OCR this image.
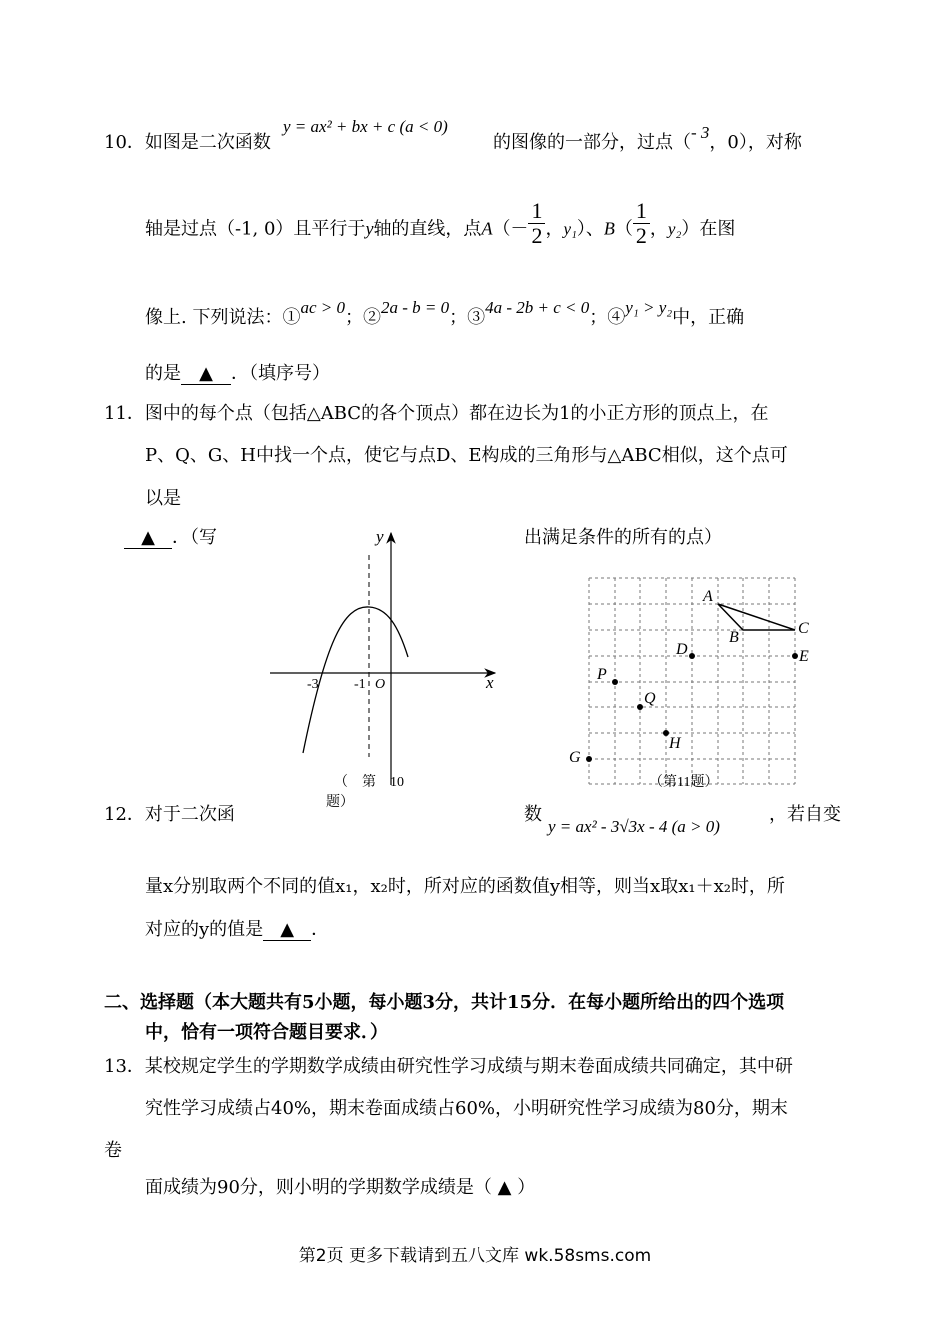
10．如图是二次函数
y = ax² + bx + c (a < 0)
的图像的一部分，过点（- 3，0），对称
轴是过点（-1, 0）且平行于y轴的直线，点$A(- \frac{1}{2}$ ，y₁）、$B( \frac{1}{2}$ ，y₂）在图
像上. 下列说法：①ac > 0；②2a - b = 0；③4a - 2b + c < 0；④y₁ > y₂中，正确
的是 ▲ ．（填序号）
11．图中的每个点（包括△ABC的各个顶点）都在边长为1的小正方形的顶点上，在
P、Q、G、H中找一个点，使它与点D、E构成的三角形与△ABC相似，这个点可
以是
▲ ．（写	出满足条件的所有的点）
y
x
-3	-1 O
（　第　10
题）
A
B
C
D	E
P
Q
H
G
（第11题）
12．对于二次函	数
y = ax² - 3√3x - 4 (a > 0)
，若自变
量x分别取两个不同的值x₁，x₂时，所对应的函数值y相等，则当x取x₁＋x₂时，所
对应的y的值是 ▲ ．
二、选择题（本大题共有5小题，每小题3分，共计15分．在每小题所给出的四个选项
中，恰有一项符合题目要求．）
13．某校规定学生的学期数学成绩由研究性学习成绩与期末卷面成绩共同确定，其中研
究性学习成绩占40%，期末卷面成绩占60%，小明研究性学习成绩为80分，期末
卷
面成绩为90分，则小明的学期数学成绩是（ ▲ ）
第2页 更多下载请到五八文库 wk.58sms.com
